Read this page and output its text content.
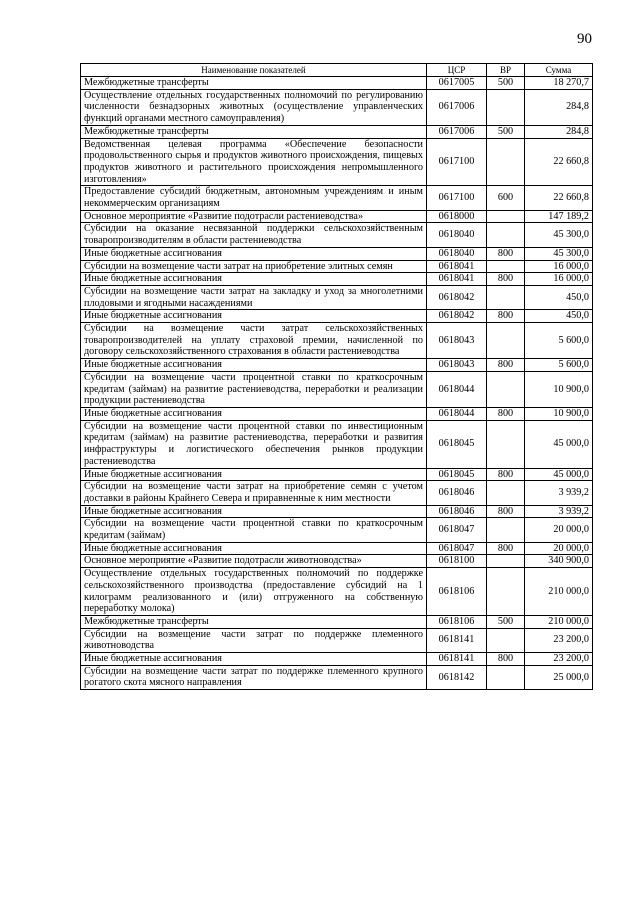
90
Наименование показателей	ЦСР	ВР	Сумма
Межбюджетные трансферты	0617005	500	18 270,7
Осуществление отдельных государственных полномочий по регулированию численности безнадзорных животных (осуществление управленческих функций органами местного самоуправления)	0617006		284,8
Межбюджетные трансферты	0617006	500	284,8
Ведомственная целевая программа «Обеспечение безопасности продовольственного сырья и продуктов животного происхождения, пищевых продуктов животного и растительного происхождения непромышленного изготовления»	0617100		22 660,8
Предоставление субсидий бюджетным, автономным учреждениям и иным некоммерческим организациям	0617100	600	22 660,8
Основное мероприятие «Развитие подотрасли растениеводства»	0618000		147 189,2
Субсидии на оказание несвязанной поддержки сельскохозяйственным товаропроизводителям в области растениеводства	0618040		45 300,0
Иные бюджетные ассигнования	0618040	800	45 300,0
Субсидии на возмещение части затрат на приобретение элитных семян	0618041		16 000,0
Иные бюджетные ассигнования	0618041	800	16 000,0
Субсидии на возмещение части затрат на закладку и уход за многолетними плодовыми и ягодными насаждениями	0618042		450,0
Иные бюджетные ассигнования	0618042	800	450,0
Субсидии на возмещение части затрат сельскохозяйственных товаропроизводителей на уплату страховой премии, начисленной по договору сельскохозяйственного страхования в области растениеводства	0618043		5 600,0
Иные бюджетные ассигнования	0618043	800	5 600,0
Субсидии на возмещение части процентной ставки по краткосрочным кредитам (займам) на развитие растениеводства, переработки и реализации продукции растениеводства	0618044		10 900,0
Иные бюджетные ассигнования	0618044	800	10 900,0
Субсидии на возмещение части процентной ставки по инвестиционным кредитам (займам) на развитие растениеводства, переработки и развития инфраструктуры и логистического обеспечения рынков продукции растениеводства	0618045		45 000,0
Иные бюджетные ассигнования	0618045	800	45 000,0
Субсидии на возмещение части затрат на приобретение семян с учетом доставки в районы Крайнего Севера и приравненные к ним местности	0618046		3 939,2
Иные бюджетные ассигнования	0618046	800	3 939,2
Субсидии на возмещение части процентной ставки по краткосрочным кредитам (займам)	0618047		20 000,0
Иные бюджетные ассигнования	0618047	800	20 000,0
Основное мероприятие «Развитие подотрасли животноводства»	0618100		340 900,0
Осуществление отдельных государственных полномочий по поддержке сельскохозяйственного производства (предоставление субсидий на 1 килограмм реализованного и (или) отгруженного на собственную переработку молока)	0618106		210 000,0
Межбюджетные трансферты	0618106	500	210 000,0
Субсидии на возмещение части затрат по поддержке племенного животноводства	0618141		23 200,0
Иные бюджетные ассигнования	0618141	800	23 200,0
Субсидии на возмещение части затрат по поддержке племенного крупного рогатого скота мясного направления	0618142		25 000,0
